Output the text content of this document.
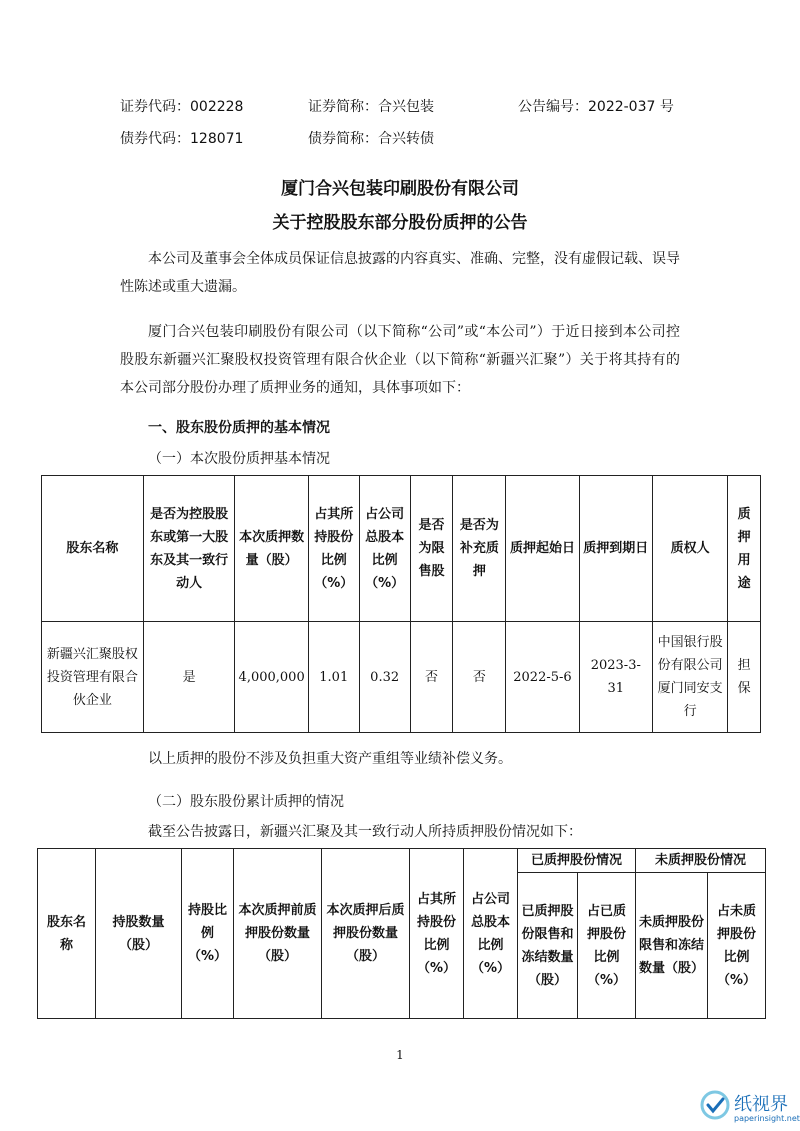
证券代码：002228	证券简称：合兴包装	公告编号：2022-037 号
债券代码：128071	债券简称：合兴转债
厦门合兴包装印刷股份有限公司
关于控股股东部分股份质押的公告
本公司及董事会全体成员保证信息披露的内容真实、准确、完整，没有虚假记载、误导性陈述或重大遗漏。
厦门合兴包装印刷股份有限公司（以下简称“公司”或“本公司”）于近日接到本公司控股股东新疆兴汇聚股权投资管理有限合伙企业（以下简称“新疆兴汇聚”）关于将其持有的本公司部分股份办理了质押业务的通知，具体事项如下：
一、股东股份质押的基本情况
（一）本次股份质押基本情况
股东名称	是否为控股股东或第一大股东及其一致行动人	本次质押数量（股）	占其所持股份比例（%）	占公司总股本比例（%）	是否为限售股	是否为补充质押	质押起始日	质押到期日	质权人	质押用途
新疆兴汇聚股权投资管理有限合伙企业	是	4,000,000	1.01	0.32	否	否	2022-5-6	2023-3-31	中国银行股份有限公司厦门同安支行	担保
以上质押的股份不涉及负担重大资产重组等业绩补偿义务。
（二）股东股份累计质押的情况
截至公告披露日，新疆兴汇聚及其一致行动人所持质押股份情况如下：
股东名称	持股数量（股）	持股比例（%）	本次质押前质押股份数量（股）	本次质押后质押股份数量（股）	占其所持股份比例（%）	占公司总股本比例（%）	已质押股份情况		未质押股份情况	
							已质押股份限售和冻结数量（股）	占已质押股份比例（%）	未质押股份限售和冻结数量（股）	占未质押股份比例（%）
1
纸视界
paperinsight.net
